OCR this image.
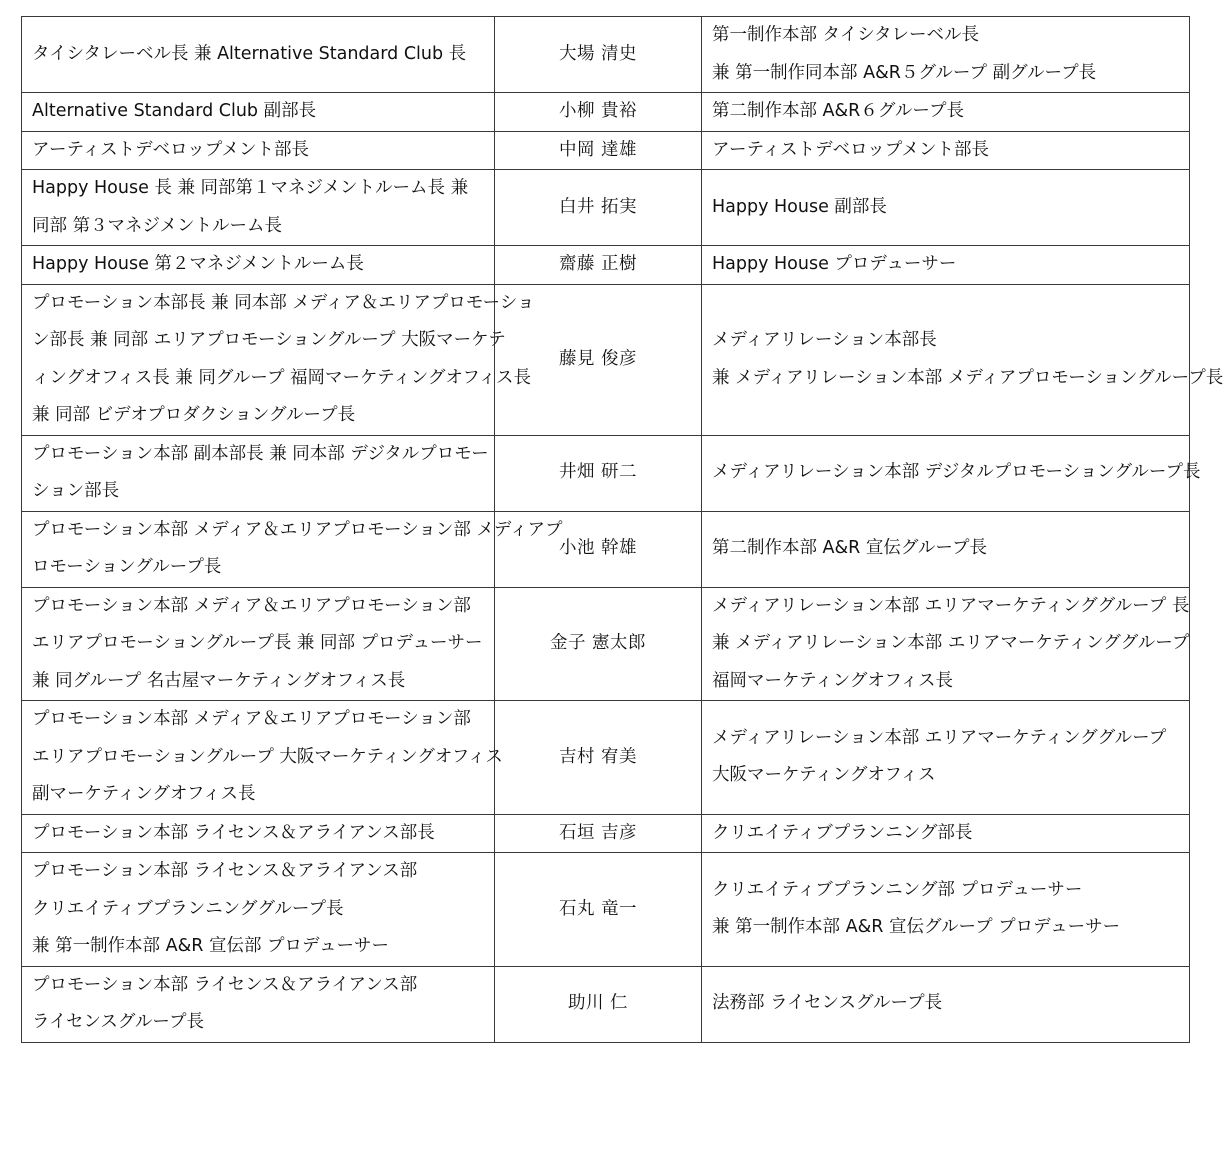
タイシタレーベル長 兼 Alternative Standard Club 長	大場 清史	第一制作本部 タイシタレーベル長
兼 第一制作同本部 A&R５グループ 副グループ長

Alternative Standard Club 副部長	小柳 貴裕	第二制作本部 A&R６グループ長

アーティストデベロップメント部長	中岡 達雄	アーティストデベロップメント部長

Happy House 長 兼 同部第１マネジメントルーム長 兼
同部 第３マネジメントルーム長	白井 拓実	Happy House 副部長

Happy House 第２マネジメントルーム長	齋藤 正樹	Happy House プロデューサー

プロモーション本部長 兼 同本部 メディア＆エリアプロモーショ
ン部長 兼 同部 エリアプロモーショングループ 大阪マーケテ
ィングオフィス長 兼 同グループ 福岡マーケティングオフィス長
兼 同部 ビデオプロダクショングループ長	藤見 俊彦	メディアリレーション本部長
兼 メディアリレーション本部 メディアプロモーショングループ長

プロモーション本部 副本部長 兼 同本部 デジタルプロモー
ション部長	井畑 研二	メディアリレーション本部 デジタルプロモーショングループ長

プロモーション本部 メディア＆エリアプロモーション部 メディアプ
ロモーショングループ長	小池 幹雄	第二制作本部 A&R 宣伝グループ長

プロモーション本部 メディア＆エリアプロモーション部
エリアプロモーショングループ長 兼 同部 プロデューサー
兼 同グループ 名古屋マーケティングオフィス長	金子 憲太郎	メディアリレーション本部 エリアマーケティンググループ 長
兼 メディアリレーション本部 エリアマーケティンググループ
福岡マーケティングオフィス長

プロモーション本部 メディア＆エリアプロモーション部
エリアプロモーショングループ 大阪マーケティングオフィス
副マーケティングオフィス長	吉村 宥美	メディアリレーション本部 エリアマーケティンググループ
大阪マーケティングオフィス

プロモーション本部 ライセンス＆アライアンス部長	石垣 吉彦	クリエイティブプランニング部長

プロモーション本部 ライセンス＆アライアンス部
クリエイティブプランニンググループ長
兼 第一制作本部 A&R 宣伝部 プロデューサー	石丸 竜一	クリエイティブプランニング部 プロデューサー
兼 第一制作本部 A&R 宣伝グループ プロデューサー

プロモーション本部 ライセンス＆アライアンス部
ライセンスグループ長	助川 仁	法務部 ライセンスグループ長
